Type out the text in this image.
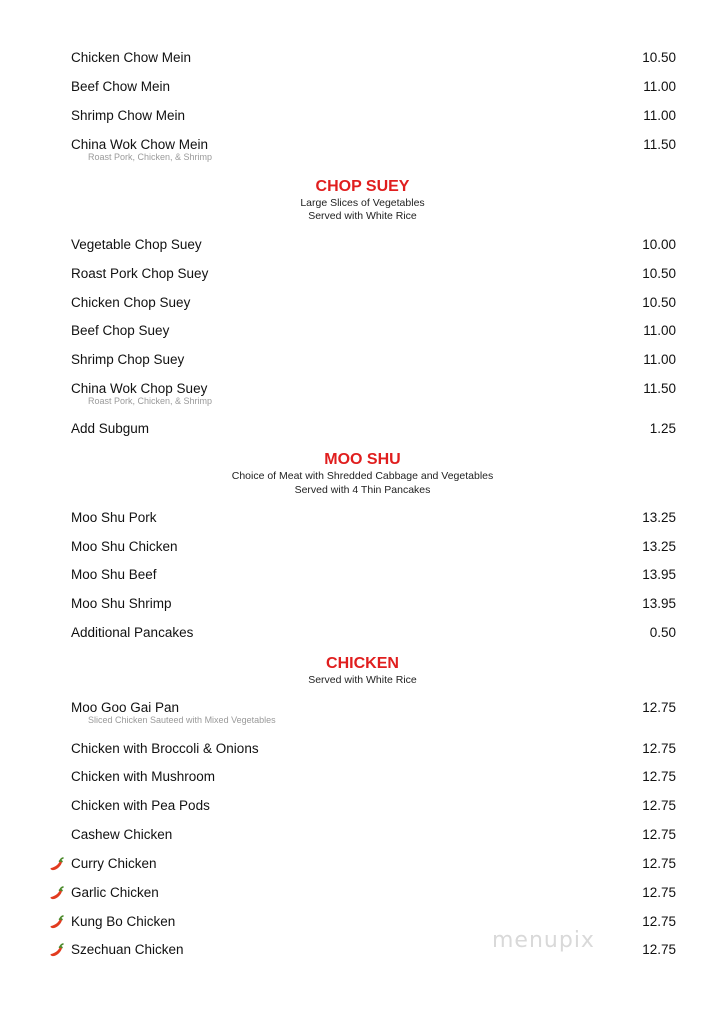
Chicken Chow Mein	10.50
Beef Chow Mein	11.00
Shrimp Chow Mein	11.00
China Wok Chow Mein	11.50
Roast Pork, Chicken, & Shrimp
CHOP SUEY
Large Slices of Vegetables
Served with White Rice
Vegetable Chop Suey	10.00
Roast Pork Chop Suey	10.50
Chicken Chop Suey	10.50
Beef Chop Suey	11.00
Shrimp Chop Suey	11.00
China Wok Chop Suey	11.50
Roast Pork, Chicken, & Shrimp
Add Subgum	1.25
MOO SHU
Choice of Meat with Shredded Cabbage and Vegetables
Served with 4 Thin Pancakes
Moo Shu Pork	13.25
Moo Shu Chicken	13.25
Moo Shu Beef	13.95
Moo Shu Shrimp	13.95
Additional Pancakes	0.50
CHICKEN
Served with White Rice
Moo Goo Gai Pan	12.75
Sliced Chicken Sauteed with Mixed Vegetables
Chicken with Broccoli & Onions	12.75
Chicken with Mushroom	12.75
Chicken with Pea Pods	12.75
Cashew Chicken	12.75
Curry Chicken	12.75
Garlic Chicken	12.75
Kung Bo Chicken	12.75
Szechuan Chicken	12.75
menupix
